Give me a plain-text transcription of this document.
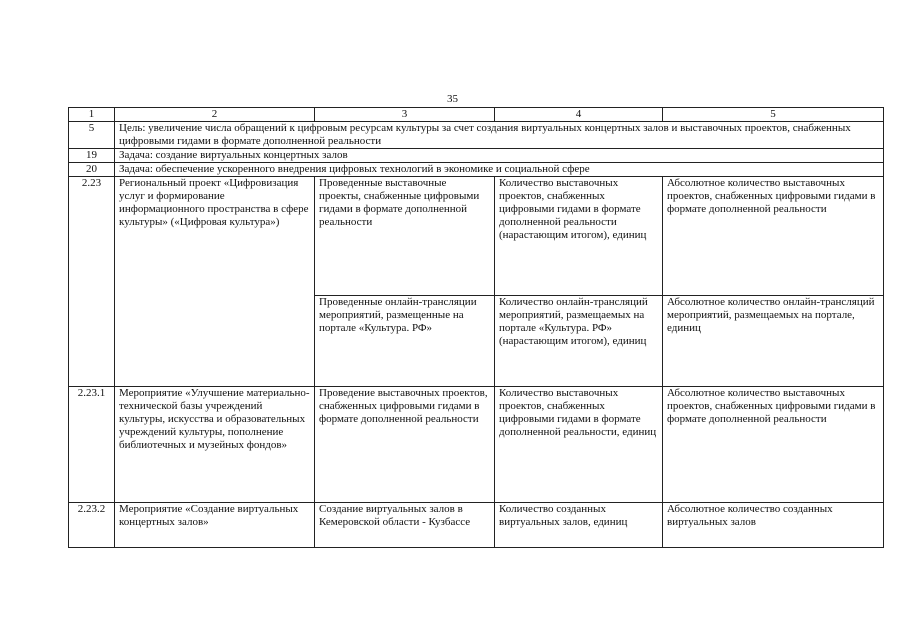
35
1	2	3	4	5
5	Цель: увеличение числа обращений к цифровым ресурсам культуры за счет создания виртуальных концертных залов и выставочных проектов, снабженных цифровыми гидами в формате дополненной реальности			
19	Задача: создание виртуальных концертных залов			
20	Задача: обеспечение ускоренного внедрения цифровых технологий в экономике и социальной сфере			
2.23	Региональный проект «Цифровизация услуг и формирование информационного пространства в сфере культуры» («Цифровая культура»)	Проведенные выставочные проекты, снабженные цифровыми гидами в формате дополненной реальности	Количество выставочных проектов, снабженных цифровыми гидами в формате дополненной реальности (нарастающим итогом), единиц	Абсолютное количество выставочных проектов, снабженных цифровыми гидами в формате дополненной реальности
		Проведенные онлайн-трансляции мероприятий, размещенные на портале «Культура. РФ»	Количество онлайн-трансляций мероприятий, размещаемых на портале «Культура. РФ» (нарастающим итогом), единиц	Абсолютное количество онлайн-трансляций мероприятий, размещаемых на портале, единиц
2.23.1	Мероприятие «Улучшение материально-технической базы учреждений культуры, искусства и образовательных учреждений культуры, пополнение библиотечных и музейных фондов»	Проведение выставочных проектов, снабженных цифровыми гидами в формате дополненной реальности	Количество выставочных проектов, снабженных цифровыми гидами в формате дополненной реальности, единиц	Абсолютное количество выставочных проектов, снабженных цифровыми гидами в формате дополненной реальности
2.23.2	Мероприятие «Создание виртуальных концертных залов»	Создание виртуальных залов в Кемеровской области - Кузбассе	Количество созданных виртуальных залов, единиц	Абсолютное количество созданных виртуальных залов
